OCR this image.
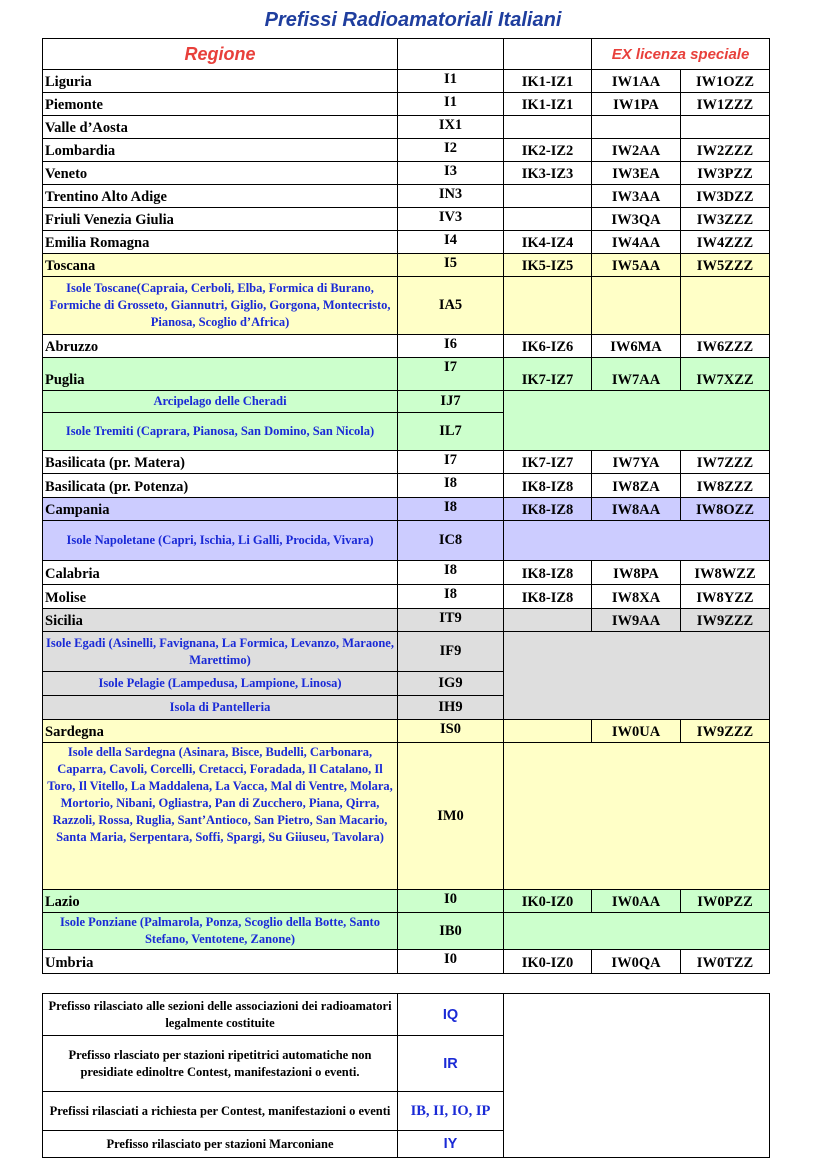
Prefissi Radioamatoriali Italiani
Regione			EX licenza speciale	
Liguria	I1	IK1-IZ1	IW1AA	IW1OZZ
Piemonte	I1	IK1-IZ1	IW1PA	IW1ZZZ
Valle d’Aosta	IX1			
Lombardia	I2	IK2-IZ2	IW2AA	IW2ZZZ
Veneto	I3	IK3-IZ3	IW3EA	IW3PZZ
Trentino Alto Adige	IN3		IW3AA	IW3DZZ
Friuli Venezia Giulia	IV3		IW3QA	IW3ZZZ
Emilia Romagna	I4	IK4-IZ4	IW4AA	IW4ZZZ
Toscana	I5	IK5-IZ5	IW5AA	IW5ZZZ
Isole Toscane(Capraia, Cerboli, Elba, Formica di Burano, Formiche di Grosseto, Giannutri, Giglio, Gorgona, Montecristo, Pianosa, Scoglio d’Africa)	IA5			
Abruzzo	I6	IK6-IZ6	IW6MA	IW6ZZZ
Puglia	I7	IK7-IZ7	IW7AA	IW7XZZ
Arcipelago delle Cheradi	IJ7			
Isole Tremiti (Caprara, Pianosa, San Domino, San Nicola)	IL7			
Basilicata (pr. Matera)	I7	IK7-IZ7	IW7YA	IW7ZZZ
Basilicata (pr. Potenza)	I8	IK8-IZ8	IW8ZA	IW8ZZZ
Campania	I8	IK8-IZ8	IW8AA	IW8OZZ
Isole Napoletane (Capri, Ischia, Li Galli, Procida, Vivara)	IC8			
Calabria	I8	IK8-IZ8	IW8PA	IW8WZZ
Molise	I8	IK8-IZ8	IW8XA	IW8YZZ
Sicilia	IT9		IW9AA	IW9ZZZ
Isole Egadi (Asinelli, Favignana, La Formica, Levanzo, Maraone, Marettimo)	IF9			
Isole Pelagie (Lampedusa, Lampione, Linosa)	IG9			
Isola di Pantelleria	IH9			
Sardegna	IS0		IW0UA	IW9ZZZ
Isole della Sardegna (Asinara, Bisce, Budelli, Carbonara, Caparra, Cavoli, Corcelli, Cretacci, Foradada, Il Catalano, Il Toro, Il Vitello, La Maddalena, La Vacca, Mal di Ventre, Molara, Mortorio, Nibani, Ogliastra, Pan di Zucchero, Piana, Qirra, Razzoli, Rossa, Ruglia, Sant’Antioco, San Pietro, San Macario, Santa Maria, Serpentara, Soffi, Spargi, Su Giiuseu, Tavolara)	IM0			
Lazio	I0	IK0-IZ0	IW0AA	IW0PZZ
Isole Ponziane (Palmarola, Ponza, Scoglio della Botte, Santo Stefano, Ventotene, Zanone)	IB0			
Umbria	I0	IK0-IZ0	IW0QA	IW0TZZ
Prefisso rilasciato alle sezioni delle associazioni dei radioamatori legalmente costituite	IQ	
Prefisso rlasciato per stazioni ripetitrici automatiche non presidiate edinoltre Contest, manifestazioni o eventi.	IR	
Prefissi rilasciati a richiesta per Contest, manifestazioni o eventi	IB, II, IO, IP	
Prefisso rilasciato per stazioni Marconiane	IY	
